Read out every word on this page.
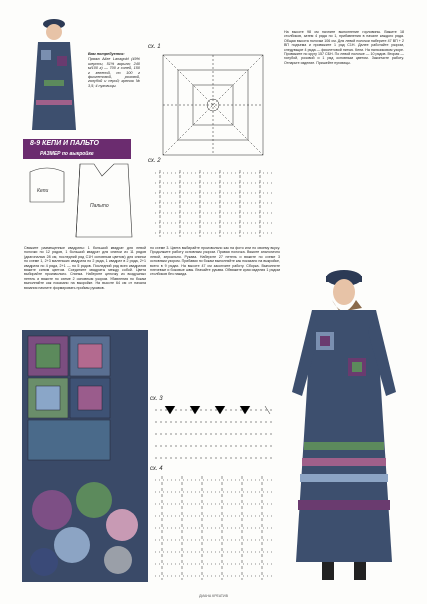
Вам потребуется:

Пряжа Alize Lanagold (49% шерсти, 51% акрила; 240 м/100 г) — 700 г синей, 150 г зеленой, по 100 г фиолетовой, розовой, голубой и серой; крючок № 3,5; 4 пуговицы.

8-9 КЕПИ И ПАЛЬТО
РАЗМЕР по выкройке
Кепи
Пальто
сх. 1
сх. 2
Свяжите размещенные квадраты: 1 большой квадрат для левой полочки по 12 рядов, 1 большой квадрат для спинки из 11 рядов (диагональю 28 см, последний ряд С1Н основным цветом) для спинки по схеме 1, 2+3 маленьких квадрата по 2 ряда, 1 квадрат в 2 ряда, 2+1 квадрата по 4 ряда, 2+1 — по 5 рядов. Последний ряд всех квадратов вяжите синим цветом. Соедините квадраты между собой. Цвета выбирайте произвольно. Спинка. Наберите цепочку из воздушных петель и вяжите по схеме 2 основным узором. Убавления по бокам выполняйте как показано на выкройке. На высоте 64 см от начала вязания начните формировать проймы рукавов.
по схеме 3. Цвета выбирайте произвольно как на фото или по своему вкусу. Продолжите работу основным узором. Правая полочка. Вяжите аналогично левой, зеркально. Рукава. Наберите 27 петель и вяжите по схеме 3 основным узором. Прибавки по бокам выполняйте как показано на выкройке, всего в 9 рядах. На высоте 47 см закончите работу. Сборка. Выполните плечевые и боковые швы. Втачайте рукава. Обвяжите края изделия 1 рядом столбиков без накида.
На высоте 98 см начните выполнение горловины. Вяжите 18 столбиков, затем 4 ряда по 1, прибавления в начале каждого ряда. Общая высота полочки 106 см. Для левой полочки наберите 47 ВП + 2 ВП подъема и провяжите 1 ряд С1Н. Далее работайте узором, следующие 4 ряда — фиолетовой нитью. Кепи. На пальчиковом узоре. Провяжите по кругу 157 СБН. По левой полочке — 10 рядов. Вторая — голубой, розовой и 1 ряд основным цветом. Закончите работу. Отпарьте изделие. Пришейте пуговицы.
сх. 3
сх. 4
ДИАНА КРЕАТИВ
